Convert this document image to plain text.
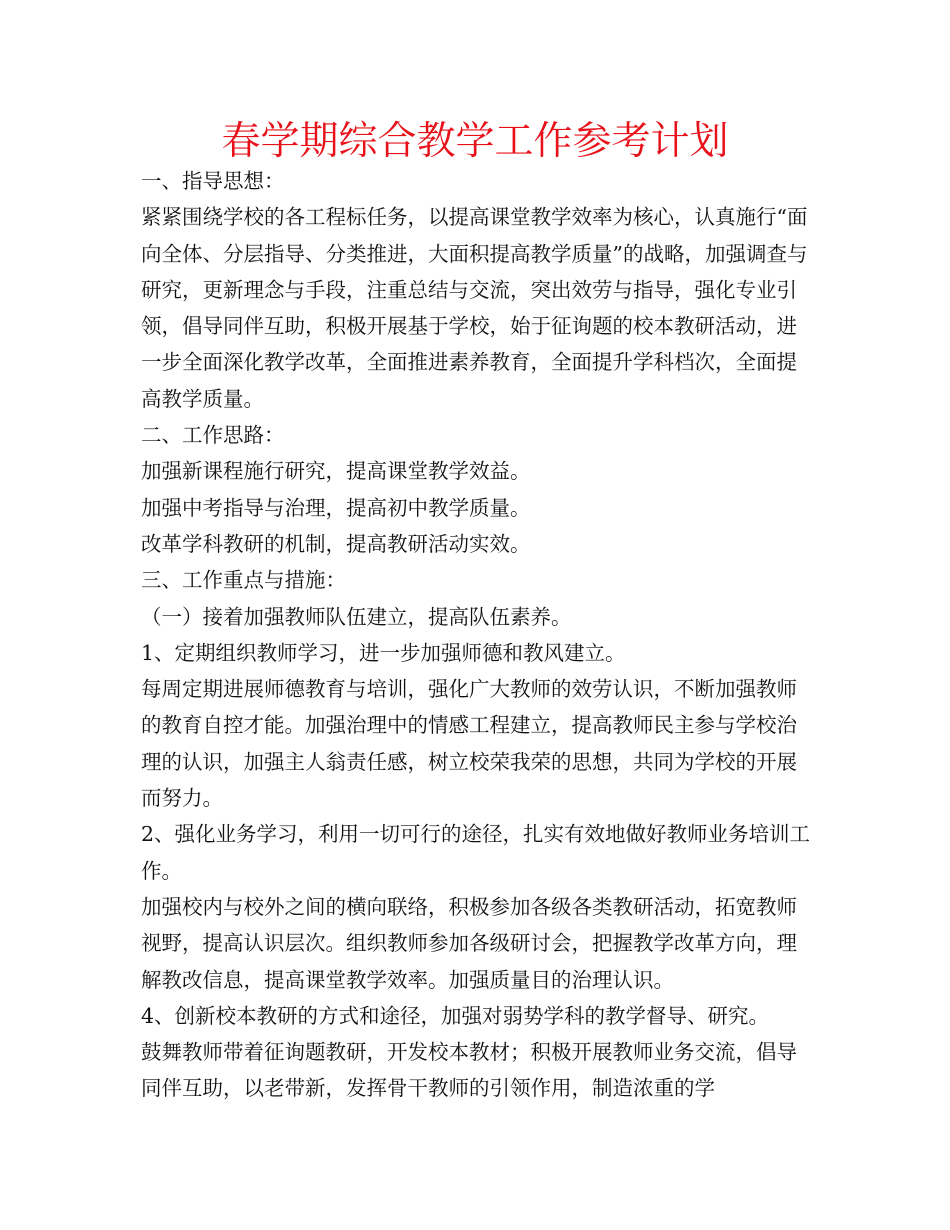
春学期综合教学工作参考计划

一、指导思想：

紧紧围绕学校的各工程标任务，以提高课堂教学效率为核心，认真施行“面向全体、分层指导、分类推进，大面积提高教学质量”的战略，加强调查与研究，更新理念与手段，注重总结与交流，突出效劳与指导，强化专业引领，倡导同伴互助，积极开展基于学校，始于征询题的校本教研活动，进一步全面深化教学改革，全面推进素养教育，全面提升学科档次，全面提高教学质量。

二、工作思路：

加强新课程施行研究，提高课堂教学效益。

加强中考指导与治理，提高初中教学质量。

改革学科教研的机制，提高教研活动实效。

三、工作重点与措施：

（一）接着加强教师队伍建立，提高队伍素养。

1、定期组织教师学习，进一步加强师德和教风建立。

每周定期进展师德教育与培训，强化广大教师的效劳认识，不断加强教师的教育自控才能。加强治理中的情感工程建立，提高教师民主参与学校治理的认识，加强主人翁责任感，树立校荣我荣的思想，共同为学校的开展而努力。

2、强化业务学习，利用一切可行的途径，扎实有效地做好教师业务培训工作。

加强校内与校外之间的横向联络，积极参加各级各类教研活动，拓宽教师视野，提高认识层次。组织教师参加各级研讨会，把握教学改革方向，理解教改信息，提高课堂教学效率。加强质量目的治理认识。

4、创新校本教研的方式和途径，加强对弱势学科的教学督导、研究。

鼓舞教师带着征询题教研，开发校本教材；积极开展教师业务交流，倡导同伴互助，以老带新，发挥骨干教师的引领作用，制造浓重的学
